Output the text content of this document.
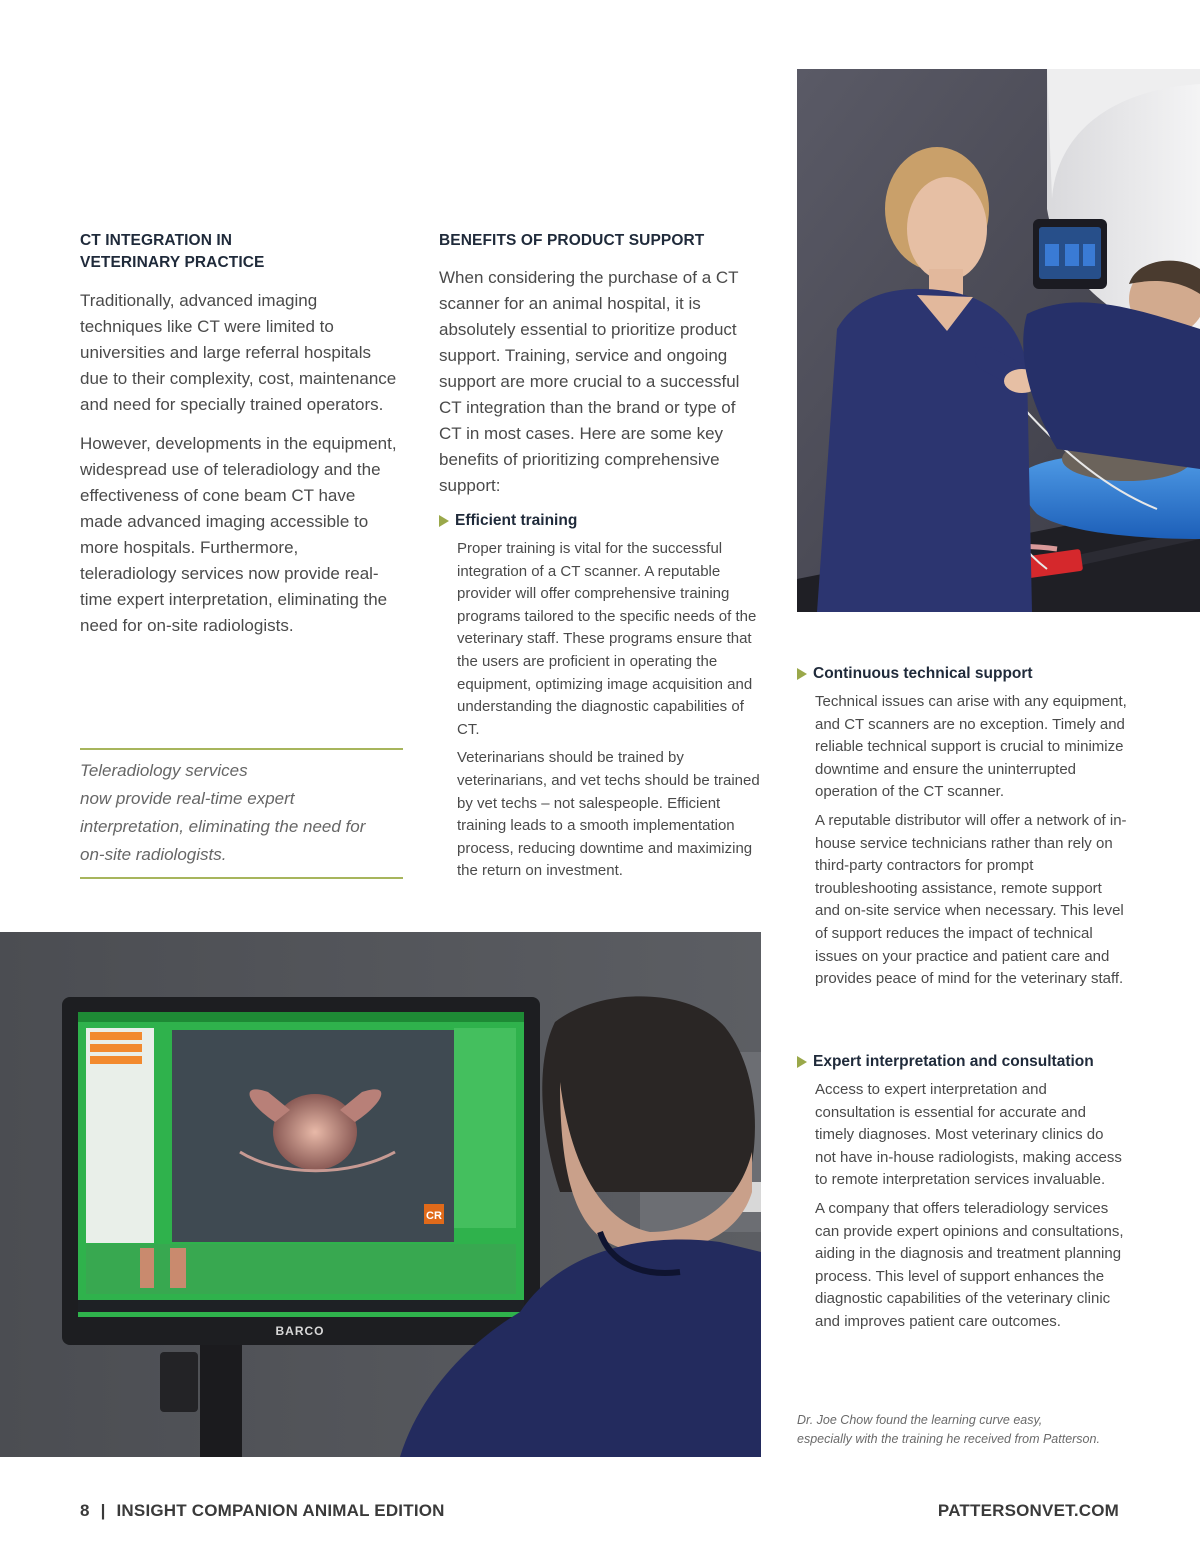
CT INTEGRATION IN
VETERINARY PRACTICE

Traditionally, advanced imaging techniques like CT were limited to universities and large referral hospitals due to their complexity, cost, maintenance and need for specially trained operators.

However, developments in the equipment, widespread use of teleradiology and the effectiveness of cone beam CT have made advanced imaging accessible to more hospitals. Furthermore, teleradiology services now provide real-time expert interpretation, eliminating the need for on-site radiologists.

Teleradiology services
now provide real-time expert
interpretation, eliminating the need for
on-site radiologists.
BENEFITS OF PRODUCT SUPPORT

When considering the purchase of a CT scanner for an animal hospital, it is absolutely essential to prioritize product support. Training, service and ongoing support are more crucial to a successful CT integration than the brand or type of CT in most cases. Here are some key benefits of prioritizing comprehensive support:

Efficient training

Proper training is vital for the successful integration of a CT scanner. A reputable provider will offer comprehensive training programs tailored to the specific needs of the veterinary staff. These programs ensure that the users are proficient in operating the equipment, optimizing image acquisition and understanding the diagnostic capabilities of CT.

Veterinarians should be trained by veterinarians, and vet techs should be trained by vet techs – not salespeople. Efficient training leads to a smooth implementation process, reducing downtime and maximizing the return on investment.

Continuous technical support

Technical issues can arise with any equipment, and CT scanners are no exception. Timely and reliable technical support is crucial to minimize downtime and ensure the uninterrupted operation of the CT scanner.

A reputable distributor will offer a network of in-house service technicians rather than rely on third-party contractors for prompt troubleshooting assistance, remote support and on-site service when necessary. This level of support reduces the impact of technical issues on your practice and patient care and provides peace of mind for the veterinary staff.

Expert interpretation and consultation

Access to expert interpretation and consultation is essential for accurate and timely diagnoses. Most veterinary clinics do not have in-house radiologists, making access to remote interpretation services invaluable.

A company that offers teleradiology services can provide expert opinions and consultations, aiding in the diagnosis and treatment planning process. This level of support enhances the diagnostic capabilities of the veterinary clinic and improves patient care outcomes.

Dr. Joe Chow found the learning curve easy,
especially with the training he received from Patterson.
CR
BARCO
8 | INSIGHT COMPANION ANIMAL EDITION	PATTERSONVET.COM
